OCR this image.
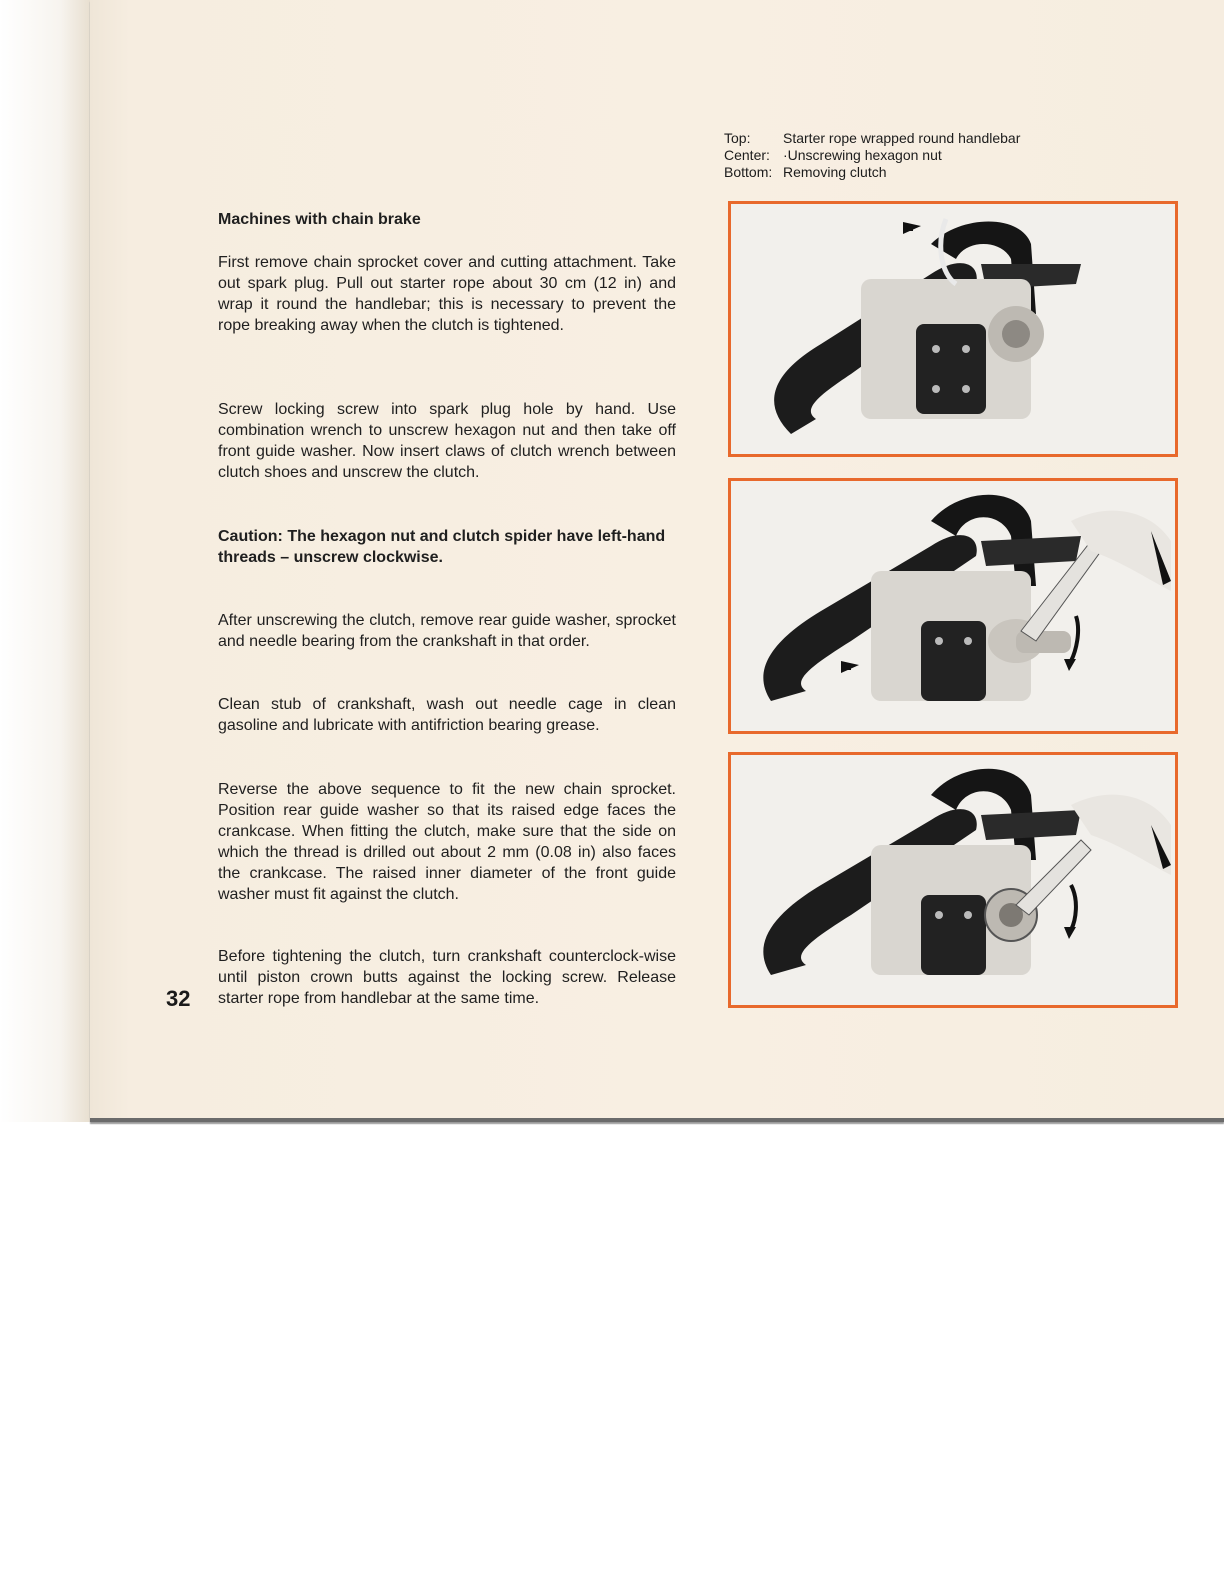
Top:	Starter rope wrapped round handlebar
Center: ·Unscrewing hexagon nut
Bottom: Removing clutch
Machines with chain brake
First remove chain sprocket cover and cutting attachment. Take out spark plug. Pull out starter rope about 30 cm (12 in) and wrap it round the handlebar; this is necessary to prevent the rope breaking away when the clutch is tightened.
Screw locking screw into spark plug hole by hand. Use combination wrench to unscrew hexagon nut and then take off front guide washer. Now insert claws of clutch wrench between clutch shoes and unscrew the clutch.
Caution: The hexagon nut and clutch spider have left-hand threads – unscrew clockwise.
After unscrewing the clutch, remove rear guide washer, sprocket and needle bearing from the crankshaft in that order.
Clean stub of crankshaft, wash out needle cage in clean gasoline and lubricate with antifriction bearing grease.
Reverse the above sequence to fit the new chain sprocket. Position rear guide washer so that its raised edge faces the crankcase. When fitting the clutch, make sure that the side on which the thread is drilled out about 2 mm (0.08 in) also faces the crankcase. The raised inner diameter of the front guide washer must fit against the clutch.
Before tightening the clutch, turn crankshaft counterclock-wise until piston crown butts against the locking screw. Release starter rope from handlebar at the same time.
32
